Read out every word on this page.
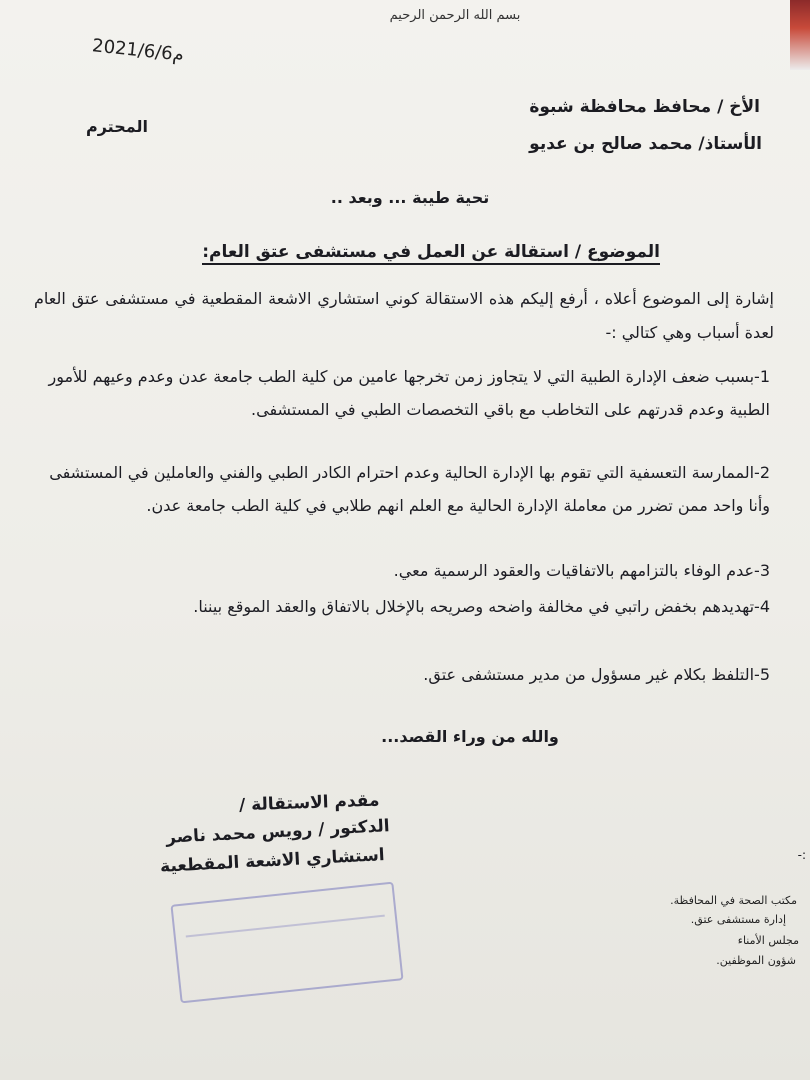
بسم الله الرحمن الرحيم
2021/6/6م
الأخ / محافظ محافظة شبوة
الأستاذ/ محمد صالح بن عديو
المحترم
تحية طيبة ... وبعد ..
الموضوع / استقالة عن العمل في مستشفى عتق العام:
إشارة إلى الموضوع أعلاه ، أرفع إليكم هذه الاستقالة كوني استشاري الاشعة المقطعية في مستشفى عتق العام لعدة أسباب وهي كتالي :-
1-بسبب ضعف الإدارة الطبية التي لا يتجاوز زمن تخرجها عامين من كلية الطب جامعة عدن وعدم وعيهم للأمور الطبية وعدم قدرتهم على التخاطب مع باقي التخصصات الطبي في المستشفى.
2-الممارسة التعسفية التي تقوم بها الإدارة الحالية وعدم احترام الكادر الطبي والفني والعاملين في المستشفى وأنا واحد ممن تضرر من معاملة الإدارة الحالية مع العلم انهم طلابي في كلية الطب جامعة عدن.
3-عدم الوفاء بالتزامهم بالاتفاقيات والعقود الرسمية معي.
4-تهديدهم بخفض راتبي في مخالفة واضحه وصريحه بالإخلال بالاتفاق والعقد الموقع بيننا.
5-التلفظ بكلام غير مسؤول من مدير مستشفى عتق.
والله من وراء القصد...
مقدم الاستقالة /
الدكتور / رويس محمد ناصر
استشاري الاشعة المقطعية	:-
مكتب الصحة في المحافظة.
إدارة مستشفى عتق.
مجلس الأمناء
شؤون الموظفين.
